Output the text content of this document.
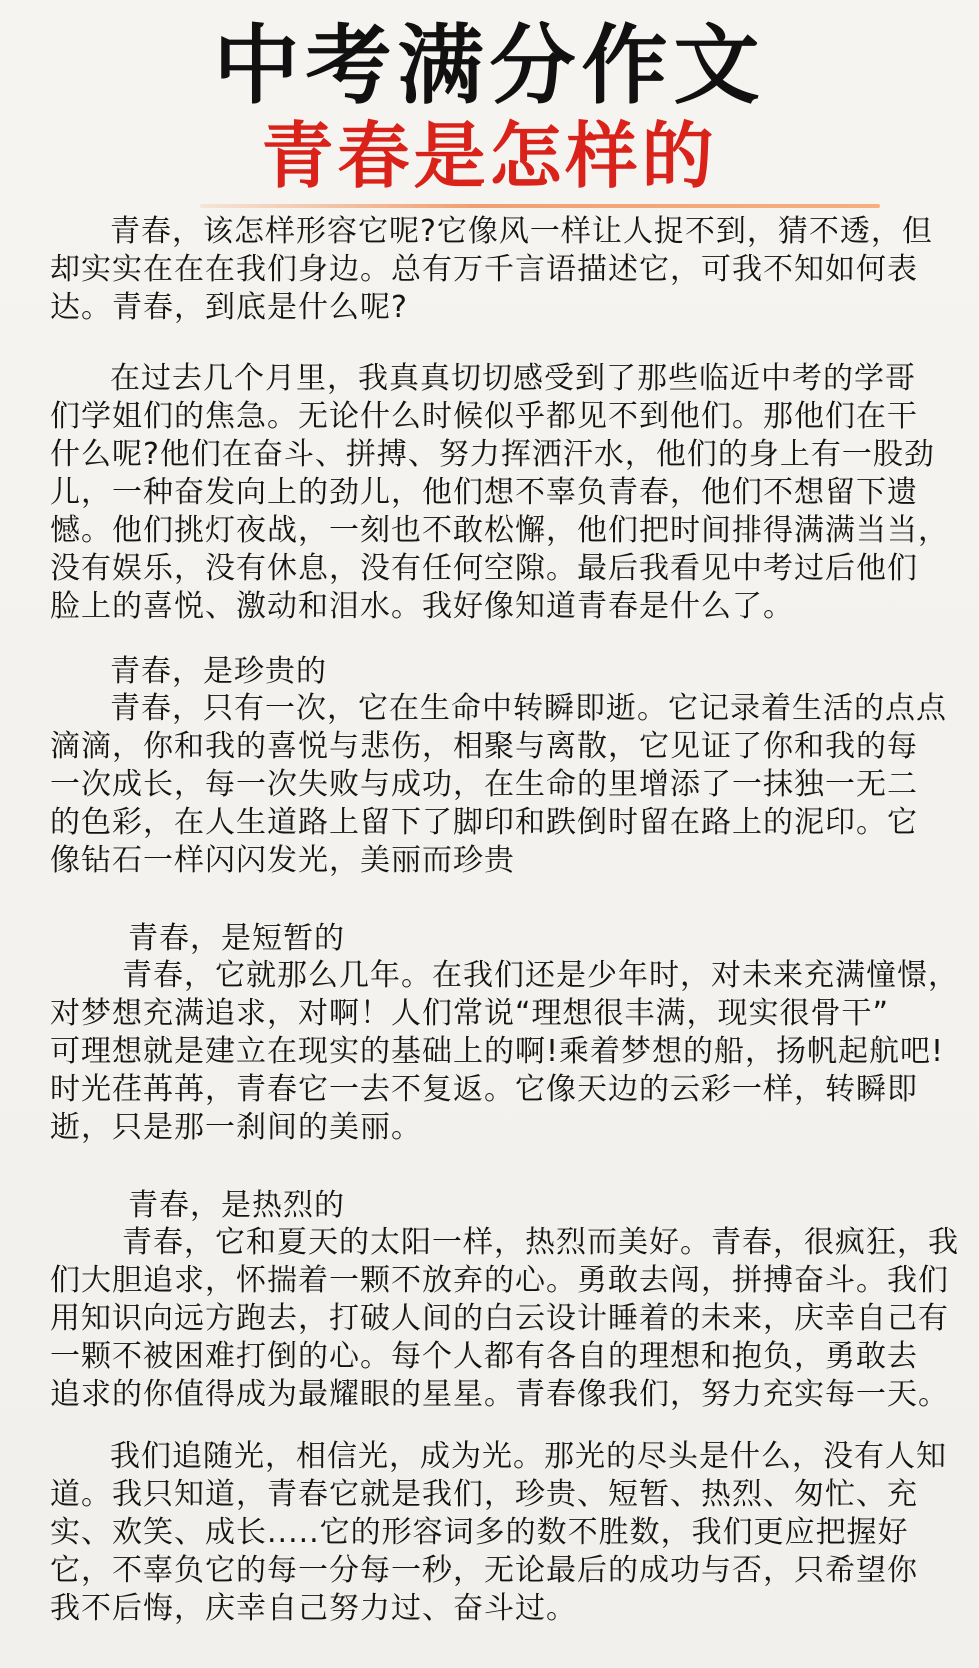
中考满分作文
青春是怎样的

青春，该怎样形容它呢?它像风一样让人捉不到，猜不透，但
却实实在在在我们身边。总有万千言语描述它，可我不知如何表
达。青春，到底是什么呢?

在过去几个月里，我真真切切感受到了那些临近中考的学哥
们学姐们的焦急。无论什么时候似乎都见不到他们。那他们在干
什么呢?他们在奋斗、拼搏、努力挥洒汗水，他们的身上有一股劲
儿，一种奋发向上的劲儿，他们想不辜负青春，他们不想留下遗
憾。他们挑灯夜战，一刻也不敢松懈，他们把时间排得满满当当，
没有娱乐，没有休息，没有任何空隙。最后我看见中考过后他们
脸上的喜悦、激动和泪水。我好像知道青春是什么了。

青春，是珍贵的

青春，只有一次，它在生命中转瞬即逝。它记录着生活的点点
滴滴，你和我的喜悦与悲伤，相聚与离散，它见证了你和我的每
一次成长，每一次失败与成功，在生命的里增添了一抹独一无二
的色彩，在人生道路上留下了脚印和跌倒时留在路上的泥印。它
像钻石一样闪闪发光，美丽而珍贵

青春，是短暂的

青春，它就那么几年。在我们还是少年时，对未来充满憧憬，
对梦想充满追求，对啊！人们常说“理想很丰满，现实很骨干”
可理想就是建立在现实的基础上的啊!乘着梦想的船，扬帆起航吧!
时光荏苒苒，青春它一去不复返。它像天边的云彩一样，转瞬即
逝，只是那一刹间的美丽。

青春，是热烈的

青春，它和夏天的太阳一样，热烈而美好。青春，很疯狂，我
们大胆追求，怀揣着一颗不放弃的心。勇敢去闯，拼搏奋斗。我们
用知识向远方跑去，打破人间的白云设计睡着的未来，庆幸自己有
一颗不被困难打倒的心。每个人都有各自的理想和抱负，勇敢去
追求的你值得成为最耀眼的星星。青春像我们，努力充实每一天。

我们追随光，相信光，成为光。那光的尽头是什么，没有人知
道。我只知道，青春它就是我们，珍贵、短暂、热烈、匆忙、充
实、欢笑、成长.....它的形容词多的数不胜数，我们更应把握好
它，不辜负它的每一分每一秒，无论最后的成功与否，只希望你
我不后悔，庆幸自己努力过、奋斗过。
